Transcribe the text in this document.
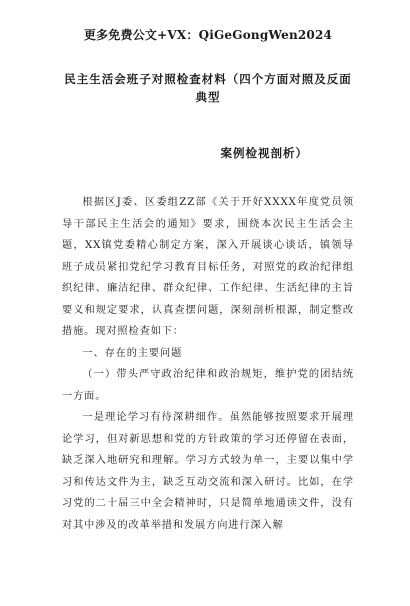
更多免费公文+VX：QiGeGongWen2024
民主生活会班子对照检查材料（四个方面对照及反面典型
案例检视剖析）

根据区J委、区委组ZZ部《关于开好XXXX年度党员领导干部民主生活会的通知》要求，围绕本次民主生活会主题，XX镇党委精心制定方案，深入开展谈心谈话，镇领导班子成员紧扣党纪学习教育目标任务，对照党的政治纪律组织纪律、廉洁纪律、群众纪律、工作纪律、生活纪律的主旨要义和规定要求，认真查摆问题，深刻剖析根源，制定整改措施。现对照检查如下：

一、存在的主要问题

（一）带头严守政治纪律和政治规矩，维护党的团结统一方面。

一是理论学习有待深耕细作。虽然能够按照要求开展理论学习，但对新思想和党的方针政策的学习还停留在表面，缺乏深入地研究和理解。学习方式较为单一，主要以集中学习和传达文件为主，缺乏互动交流和深入研讨。比如，在学习党的二十届三中全会精神时，只是简单地通读文件，没有对其中涉及的改革举措和发展方向进行深入解
